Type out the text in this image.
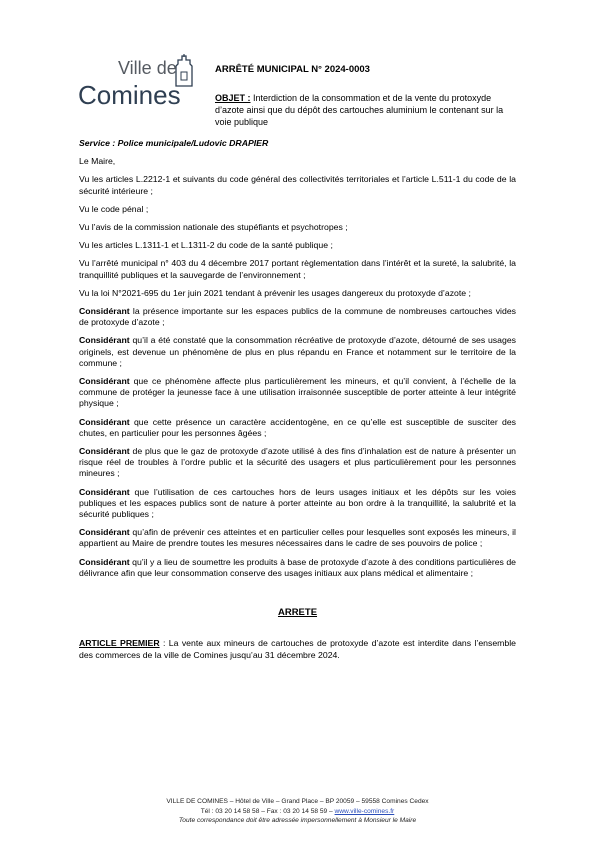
Ville de
Comines
ARRÊTÉ MUNICIPAL N° 2024-0003
OBJET : Interdiction de la consommation et de la vente du protoxyde d’azote ainsi que du dépôt des cartouches aluminium le contenant sur la voie publique
Service : Police municipale/Ludovic DRAPIER
Le Maire,
Vu les articles L.2212-1 et suivants du code général des collectivités territoriales et l’article L.511-1 du code de la sécurité intérieure ;
Vu le code pénal ;
Vu l’avis de la commission nationale des stupéfiants et psychotropes ;
Vu les articles L.1311-1 et L.1311-2 du code de la santé publique ;
Vu l’arrêté municipal n° 403 du 4 décembre 2017 portant règlementation dans l’intérêt et la sureté, la salubrité, la tranquillité publiques et la sauvegarde de l’environnement ;
Vu la loi N°2021-695 du 1er juin 2021 tendant à prévenir les usages dangereux du protoxyde d’azote ;
Considérant la présence importante sur les espaces publics de la commune de nombreuses cartouches vides de protoxyde d’azote ;
Considérant qu’il a été constaté que la consommation récréative de protoxyde d’azote, détourné de ses usages originels, est devenue un phénomène de plus en plus répandu en France et notamment sur le territoire de la commune ;
Considérant que ce phénomène affecte plus particulièrement les mineurs, et qu’il convient, à l’échelle de la commune de protéger la jeunesse face à une utilisation irraisonnée susceptible de porter atteinte à leur intégrité physique ;
Considérant que cette présence un caractère accidentogène, en ce qu’elle est susceptible de susciter des chutes, en particulier pour les personnes âgées ;
Considérant de plus que le gaz de protoxyde d’azote utilisé à des fins d’inhalation est de nature à présenter un risque réel de troubles à l’ordre public et la sécurité des usagers et plus particulièrement pour les personnes mineures ;
Considérant que l’utilisation de ces cartouches hors de leurs usages initiaux et les dépôts sur les voies publiques et les espaces publics sont de nature à porter atteinte au bon ordre à la tranquillité, la salubrité et la sécurité publiques ;
Considérant qu’afin de prévenir ces atteintes et en particulier celles pour lesquelles sont exposés les mineurs, il appartient au Maire de prendre toutes les mesures nécessaires dans le cadre de ses pouvoirs de police ;
Considérant qu’il y a lieu de soumettre les produits à base de protoxyde d’azote à des conditions particulières de délivrance afin que leur consommation conserve des usages initiaux aux plans médical et alimentaire ;
ARRETE
ARTICLE PREMIER : La vente aux mineurs de cartouches de protoxyde d’azote est interdite dans l’ensemble des commerces de la ville de Comines jusqu’au 31 décembre 2024.
VILLE DE COMINES – Hôtel de Ville – Grand Place – BP 20059 – 59558 Comines Cedex
Tél : 03 20 14 58 58 – Fax : 03 20 14 58 59 – www.ville-comines.fr
Toute correspondance doit être adressée impersonnellement à Monsieur le Maire
